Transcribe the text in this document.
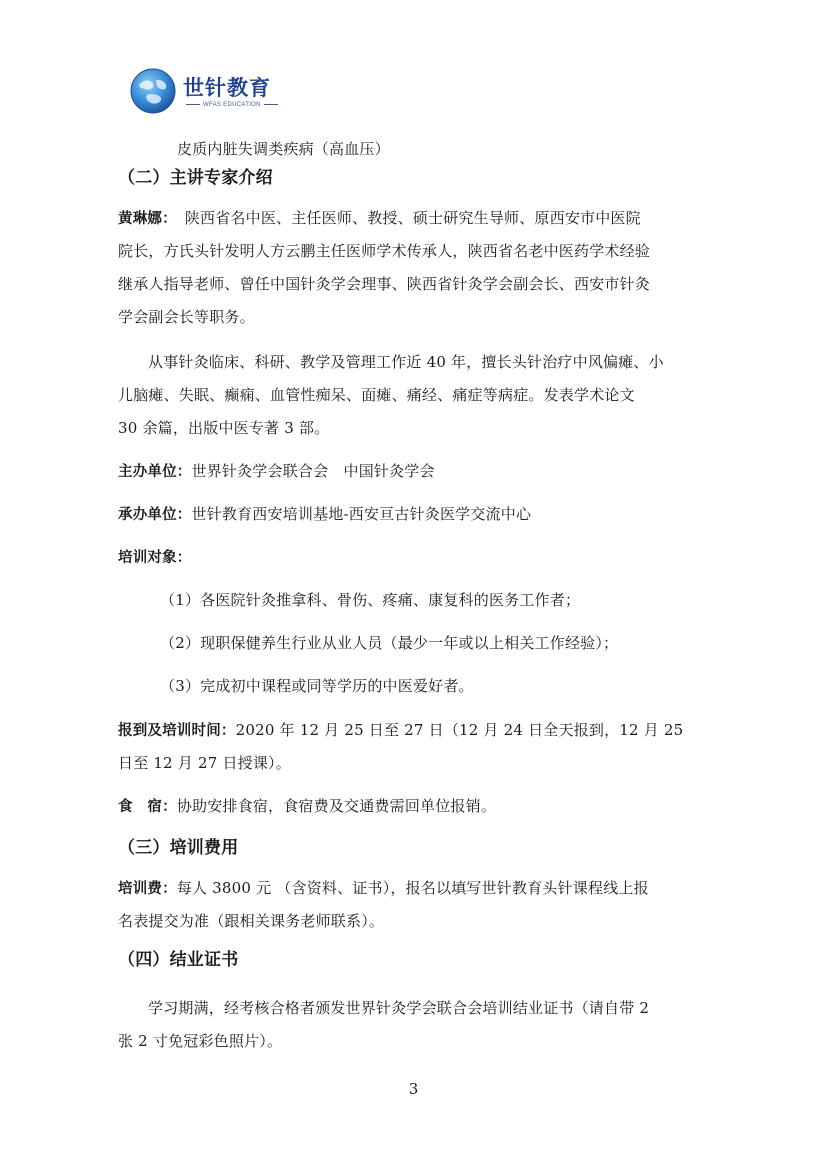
世针教育
WFAS EDUCATION
皮质内脏失调类疾病（高血压）
（二）主讲专家介绍
黄琳娜： 陕西省名中医、主任医师、教授、硕士研究生导师、原西安市中医院
院长，方氏头针发明人方云鹏主任医师学术传承人，陕西省名老中医药学术经验
继承人指导老师、曾任中国针灸学会理事、陕西省针灸学会副会长、西安市针灸
学会副会长等职务。
从事针灸临床、科研、教学及管理工作近 40 年，擅长头针治疗中风偏瘫、小
儿脑瘫、失眠、癫痫、血管性痴呆、面瘫、痛经、痛症等病症。发表学术论文
30 余篇，出版中医专著 3 部。
主办单位：世界针灸学会联合会　中国针灸学会
承办单位：世针教育西安培训基地-西安亘古针灸医学交流中心
培训对象：
（1）各医院针灸推拿科、骨伤、疼痛、康复科的医务工作者；
（2）现职保健养生行业从业人员（最少一年或以上相关工作经验）；
（3）完成初中课程或同等学历的中医爱好者。
报到及培训时间：2020 年 12 月 25 日至 27 日（12 月 24 日全天报到，12 月 25
日至 12 月 27 日授课）。
食　宿：协助安排食宿，食宿费及交通费需回单位报销。
（三）培训费用
培训费：每人 3800 元 （含资料、证书），报名以填写世针教育头针课程线上报
名表提交为准（跟相关课务老师联系）。
（四）结业证书
学习期满，经考核合格者颁发世界针灸学会联合会培训结业证书（请自带 2
张 2 寸免冠彩色照片）。
3
